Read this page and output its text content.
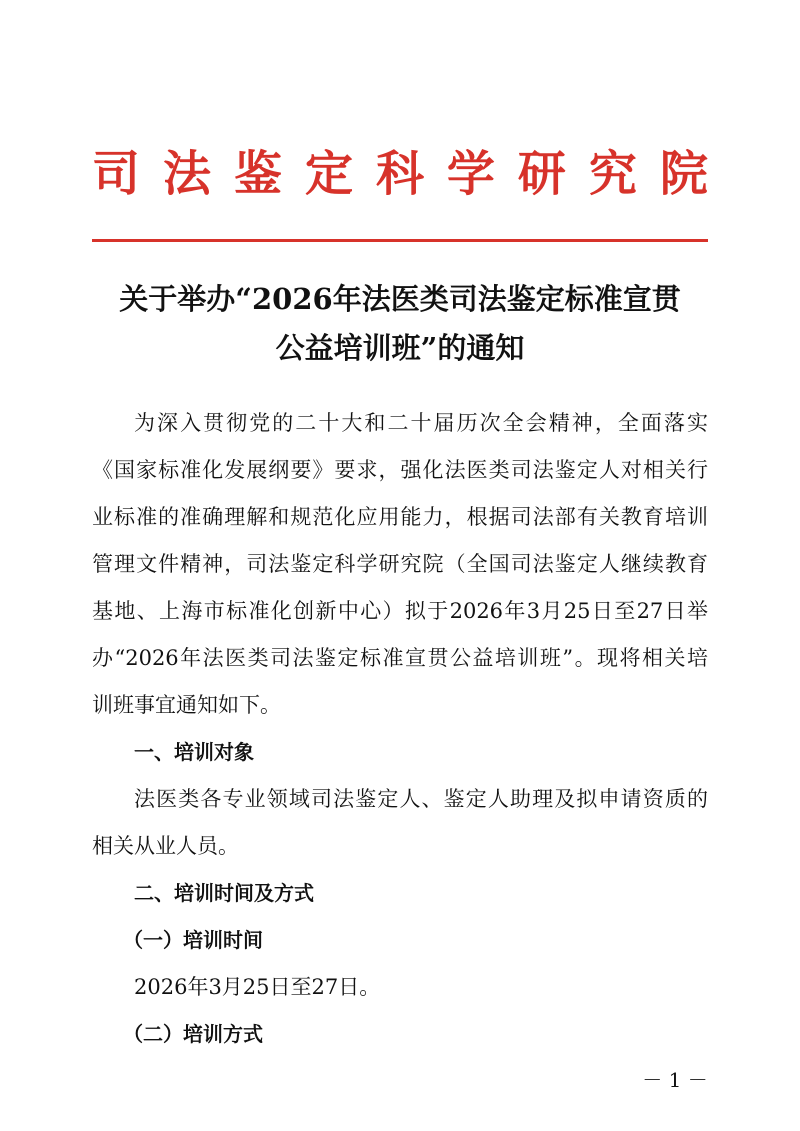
司 法 鉴 定 科 学 研 究 院
关于举办“2026年法医类司法鉴定标准宣贯
公益培训班”的通知
为深入贯彻党的二十大和二十届历次全会精神，全面落实
《国家标准化发展纲要》要求，强化法医类司法鉴定人对相关行
业标准的准确理解和规范化应用能力，根据司法部有关教育培训
管理文件精神，司法鉴定科学研究院（全国司法鉴定人继续教育
基地、上海市标准化创新中心）拟于2026年3月25日至27日举
办“2026年法医类司法鉴定标准宣贯公益培训班”。现将相关培
训班事宜通知如下。
一、培训对象
法医类各专业领域司法鉴定人、鉴定人助理及拟申请资质的
相关从业人员。
二、培训时间及方式
（一）培训时间
2026年3月25日至27日。
（二）培训方式
－ 1 －
